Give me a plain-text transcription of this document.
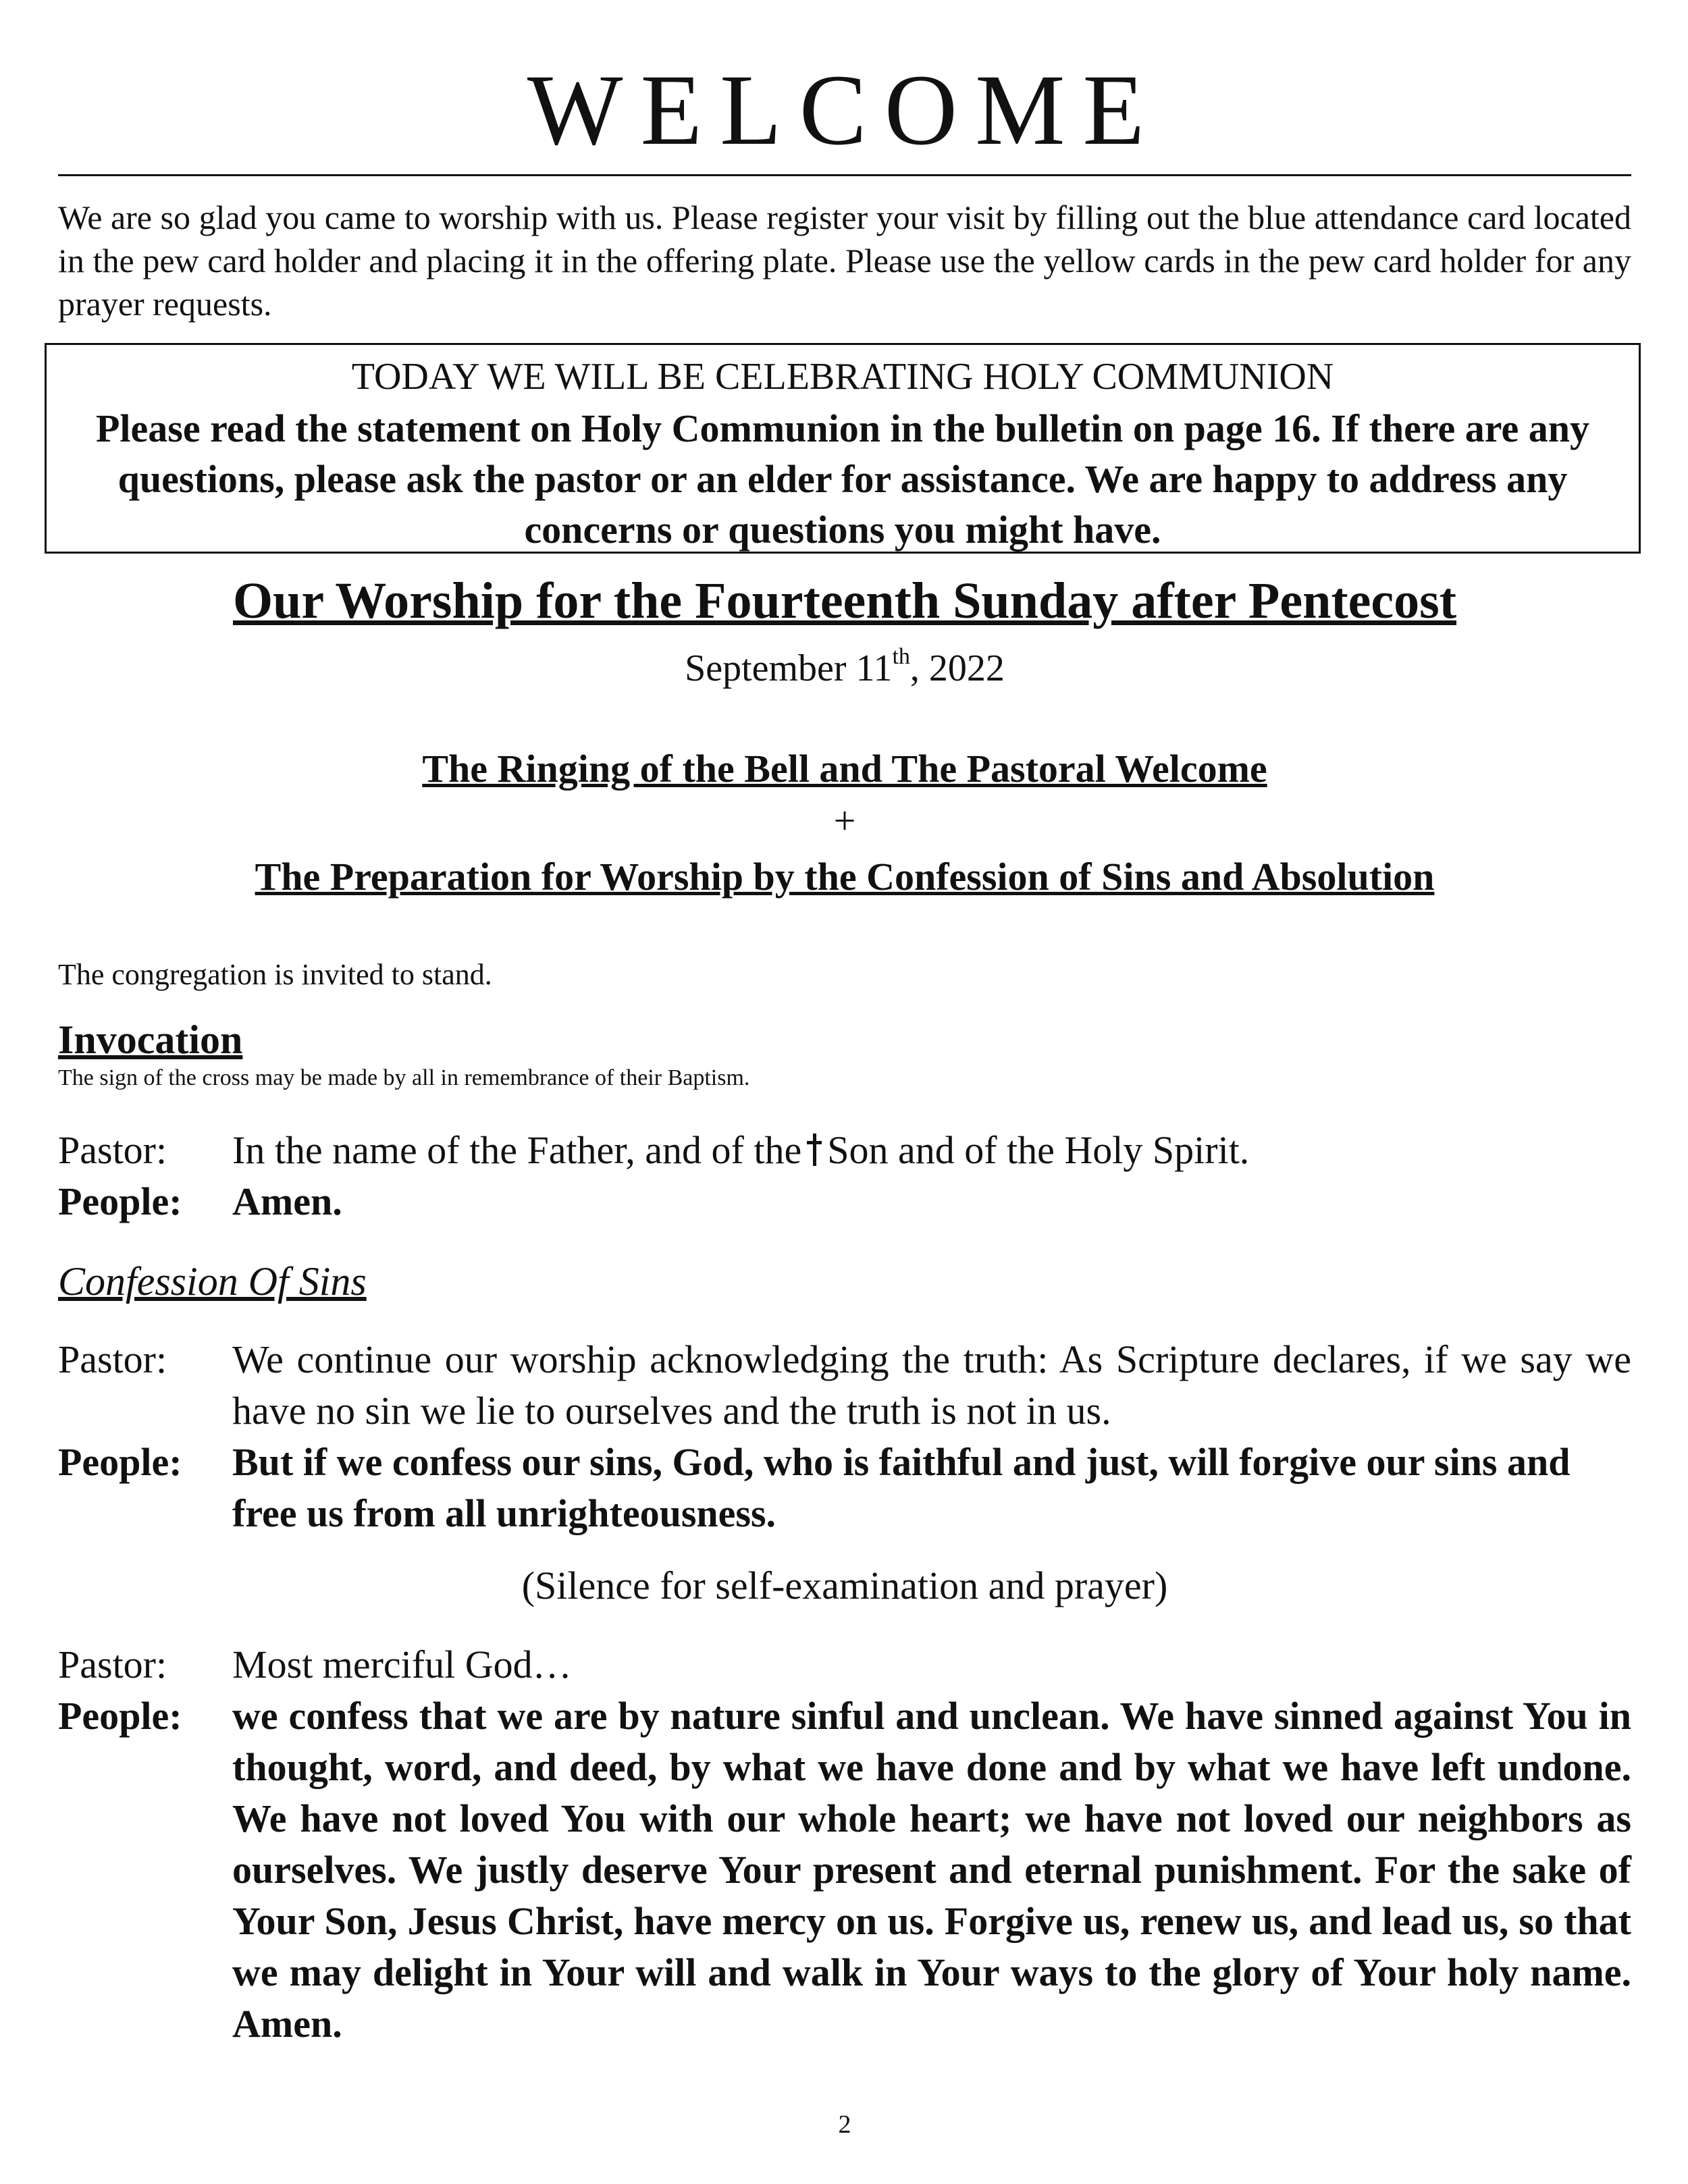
WELCOME

We are so glad you came to worship with us. Please register your visit by filling out the blue attendance card located in the pew card holder and placing it in the offering plate. Please use the yellow cards in the pew card holder for any prayer requests.

TODAY WE WILL BE CELEBRATING HOLY COMMUNION

Please read the statement on Holy Communion in the bulletin on page 16. If there are any questions, please ask the pastor or an elder for assistance. We are happy to address any concerns or questions you might have.

Our Worship for the Fourteenth Sunday after Pentecost
September 11th, 2022
The Ringing of the Bell and The Pastoral Welcome
+
The Preparation for Worship by the Confession of Sins and Absolution
The congregation is invited to stand.
Invocation
The sign of the cross may be made by all in remembrance of their Baptism.
Pastor:	In the name of the Father, and of the Son and of the Holy Spirit.
People:	Amen.
Confession Of Sins
Pastor:	We continue our worship acknowledging the truth: As Scripture declares, if we say we have no sin we lie to ourselves and the truth is not in us.
People:	But if we confess our sins, God, who is faithful and just, will forgive our sins and free us from all unrighteousness.
(Silence for self-examination and prayer)
Pastor:	Most merciful God…
People:	we confess that we are by nature sinful and unclean. We have sinned against You in thought, word, and deed, by what we have done and by what we have left undone. We have not loved You with our whole heart; we have not loved our neighbors as ourselves. We justly deserve Your present and eternal punishment. For the sake of Your Son, Jesus Christ, have mercy on us. Forgive us, renew us, and lead us, so that we may delight in Your will and walk in Your ways to the glory of Your holy name. Amen.
2
